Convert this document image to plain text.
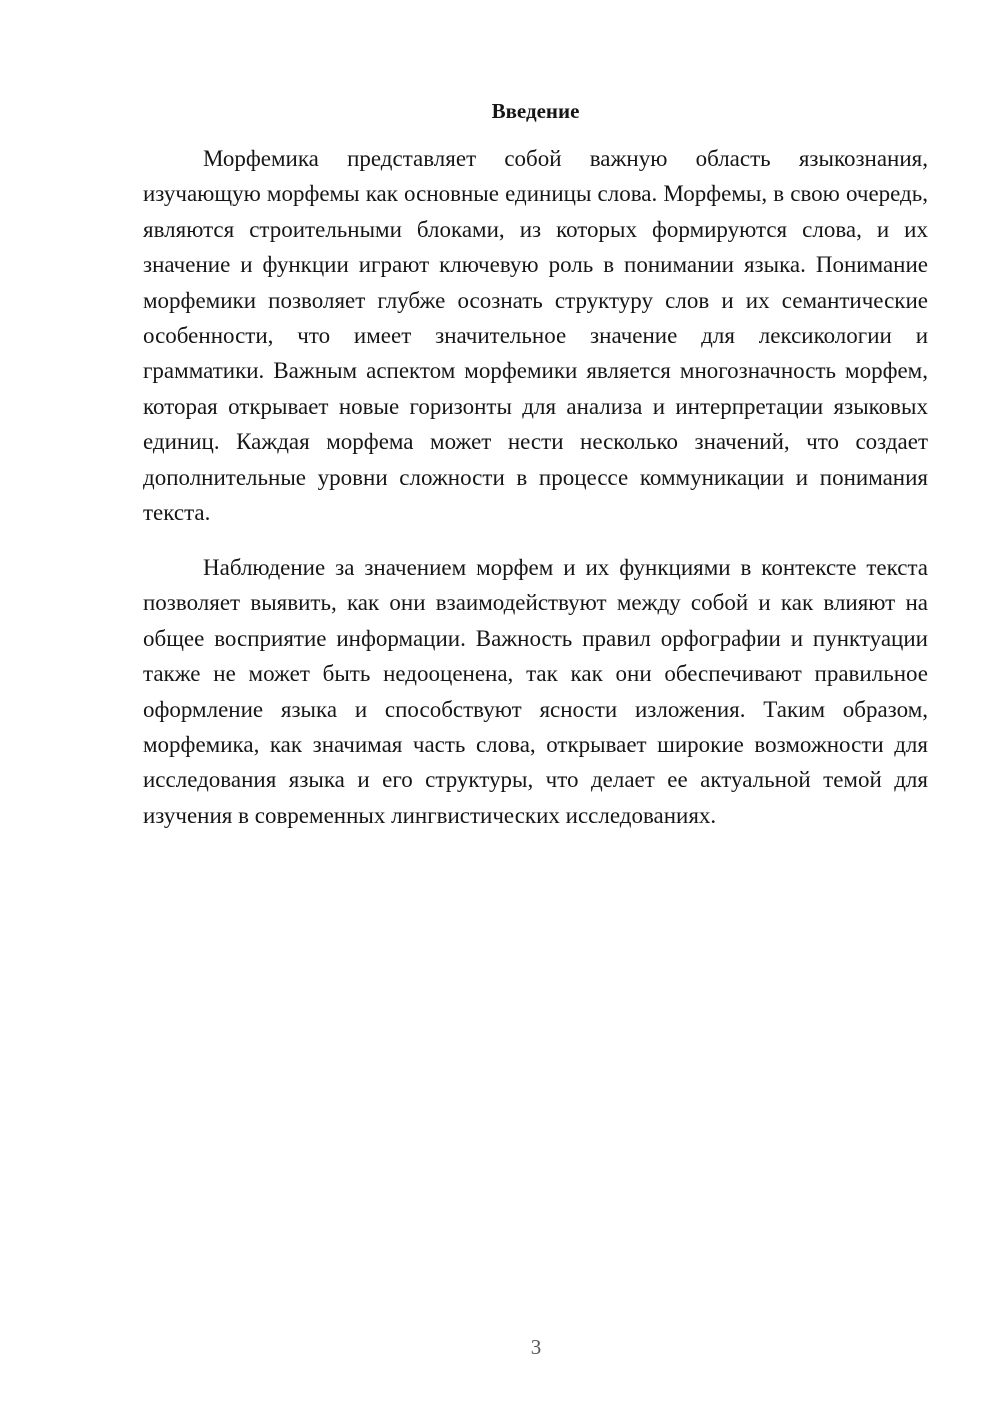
Введение

Морфемика представляет собой важную область языкознания, изучающую морфемы как основные единицы слова. Морфемы, в свою очередь, являются строительными блоками, из которых формируются слова, и их значение и функции играют ключевую роль в понимании языка. Понимание морфемики позволяет глубже осознать структуру слов и их семантические особенности, что имеет значительное значение для лексикологии и грамматики. Важным аспектом морфемики является многозначность морфем, которая открывает новые горизонты для анализа и интерпретации языковых единиц. Каждая морфема может нести несколько значений, что создает дополнительные уровни сложности в процессе коммуникации и понимания текста.

Наблюдение за значением морфем и их функциями в контексте текста позволяет выявить, как они взаимодействуют между собой и как влияют на общее восприятие информации. Важность правил орфографии и пунктуации также не может быть недооценена, так как они обеспечивают правильное оформление языка и способствуют ясности изложения. Таким образом, морфемика, как значимая часть слова, открывает широкие возможности для исследования языка и его структуры, что делает ее актуальной темой для изучения в современных лингвистических исследованиях.

3
